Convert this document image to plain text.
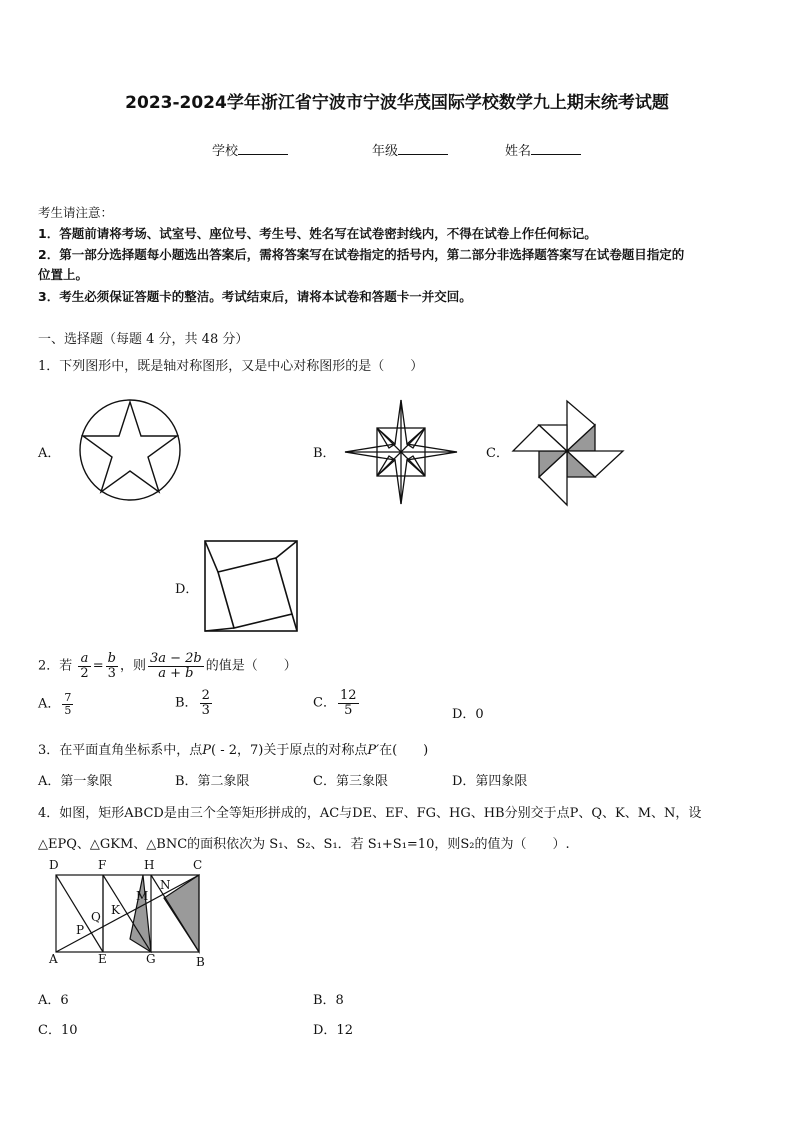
2023-2024学年浙江省宁波市宁波华茂国际学校数学九上期末统考试题
学校	年级	姓名
考生请注意：
1．答题前请将考场、试室号、座位号、考生号、姓名写在试卷密封线内，不得在试卷上作任何标记。
2．第一部分选择题每小题选出答案后，需将答案写在试卷指定的括号内，第二部分非选择题答案写在试卷题目指定的
位置上。
3．考生必须保证答题卡的整洁。考试结束后，请将本试卷和答题卡一并交回。
一、选择题（每题 4 分，共 48 分）
1．下列图形中，既是轴对称图形，又是中心对称图形的是（　　）
A．	B．	C．
D．
2．若 $\frac{a}{2} = \frac{b}{3}$ ，则 $\frac{3a - 2b}{a + b}$ 的值是（　　）
A． $\frac{7}{5}$	B． $\frac{2}{3}$	C． $\frac{12}{5}$	D．0
3．在平面直角坐标系中，点P( - 2，7)关于原点的对称点P′在(　　)
A．第一象限	B．第二象限	C．第三象限	D．第四象限
4．如图，矩形ABCD是由三个全等矩形拼成的，AC与DE、EF、FG、HG、HB分别交于点P、Q、K、M、N，设
△EPQ、△GKM、△BNC的面积依次为 S₁、S₂、S₁．若 S₁+S₁=10，则S₂的值为（　　）.
D	F	H	C
A	E	G	B
P
Q K
M
N
A．6	B．8
C．10	D．12
